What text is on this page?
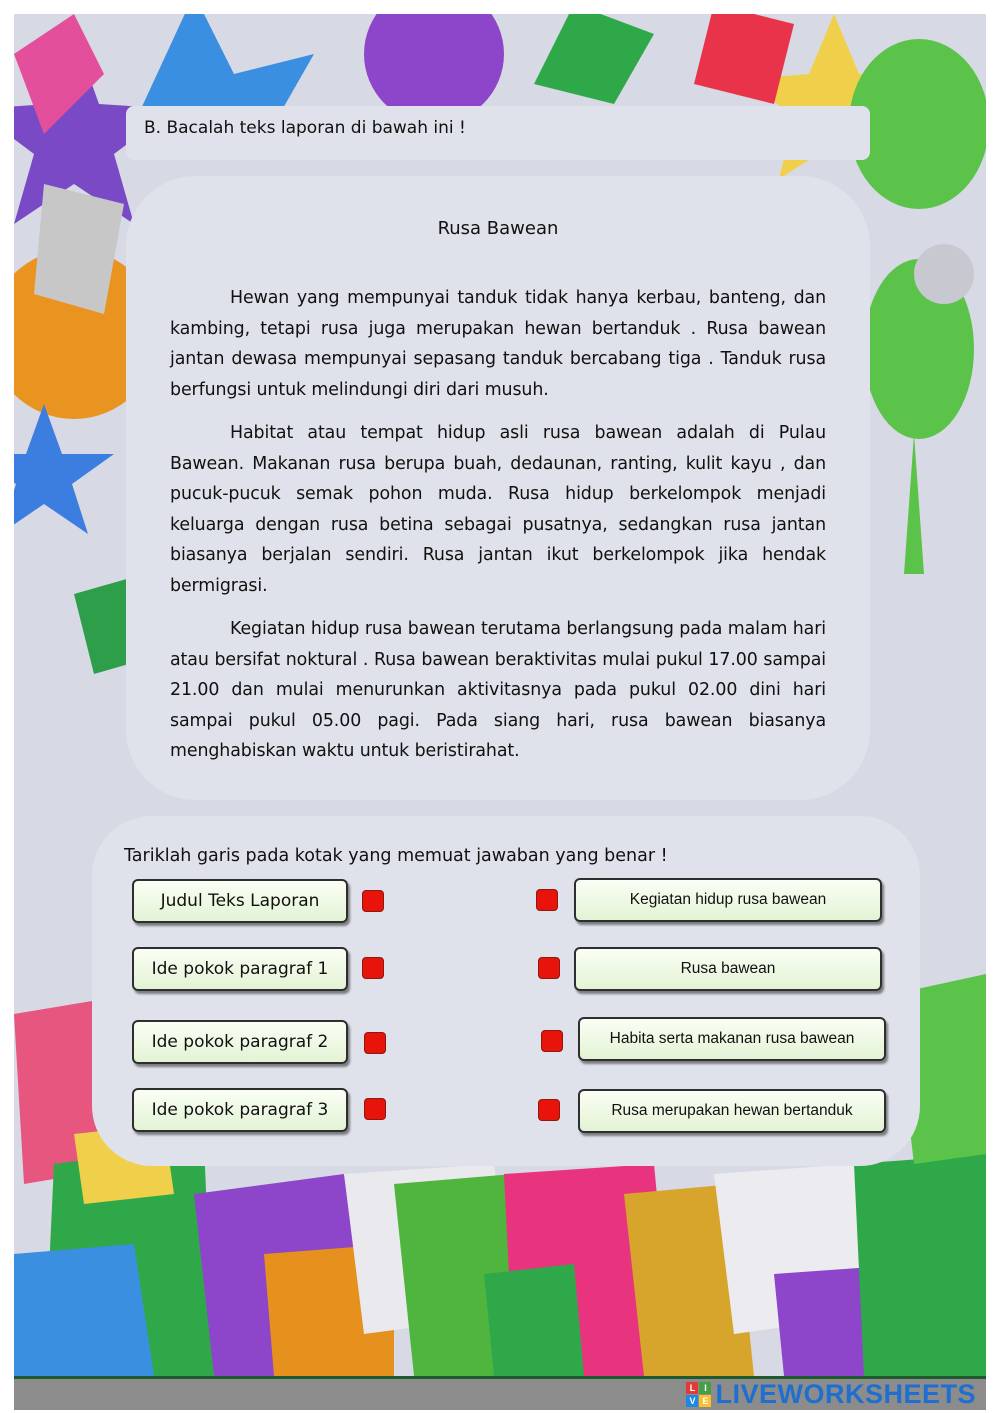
B. Bacalah teks laporan di bawah ini !
Rusa Bawean

Hewan yang mempunyai tanduk tidak hanya kerbau, banteng, dan kambing, tetapi rusa juga merupakan hewan bertanduk . Rusa bawean jantan dewasa mempunyai sepasang tanduk bercabang tiga . Tanduk rusa berfungsi untuk melindungi diri dari musuh.

Habitat atau tempat hidup asli rusa bawean adalah di Pulau Bawean. Makanan rusa berupa buah, dedaunan, ranting, kulit kayu , dan pucuk-pucuk semak pohon muda. Rusa hidup berkelompok menjadi keluarga dengan rusa betina sebagai pusatnya, sedangkan rusa jantan biasanya berjalan sendiri. Rusa jantan ikut berkelompok jika hendak bermigrasi.

Kegiatan hidup rusa bawean terutama berlangsung pada malam hari atau bersifat noktural . Rusa bawean beraktivitas mulai pukul 17.00 sampai 21.00 dan mulai menurunkan aktivitasnya pada pukul 02.00 dini hari sampai pukul 05.00 pagi. Pada siang hari, rusa bawean biasanya menghabiskan waktu untuk beristirahat.

Tariklah garis pada kotak yang memuat jawaban yang benar !
Judul Teks Laporan
Ide pokok paragraf 1
Ide pokok paragraf 2
Ide pokok paragraf 3
Kegiatan hidup rusa bawean
Rusa bawean
Habita serta makanan rusa bawean
Rusa merupakan hewan bertanduk
L I
V E LIVEWORKSHEETS
